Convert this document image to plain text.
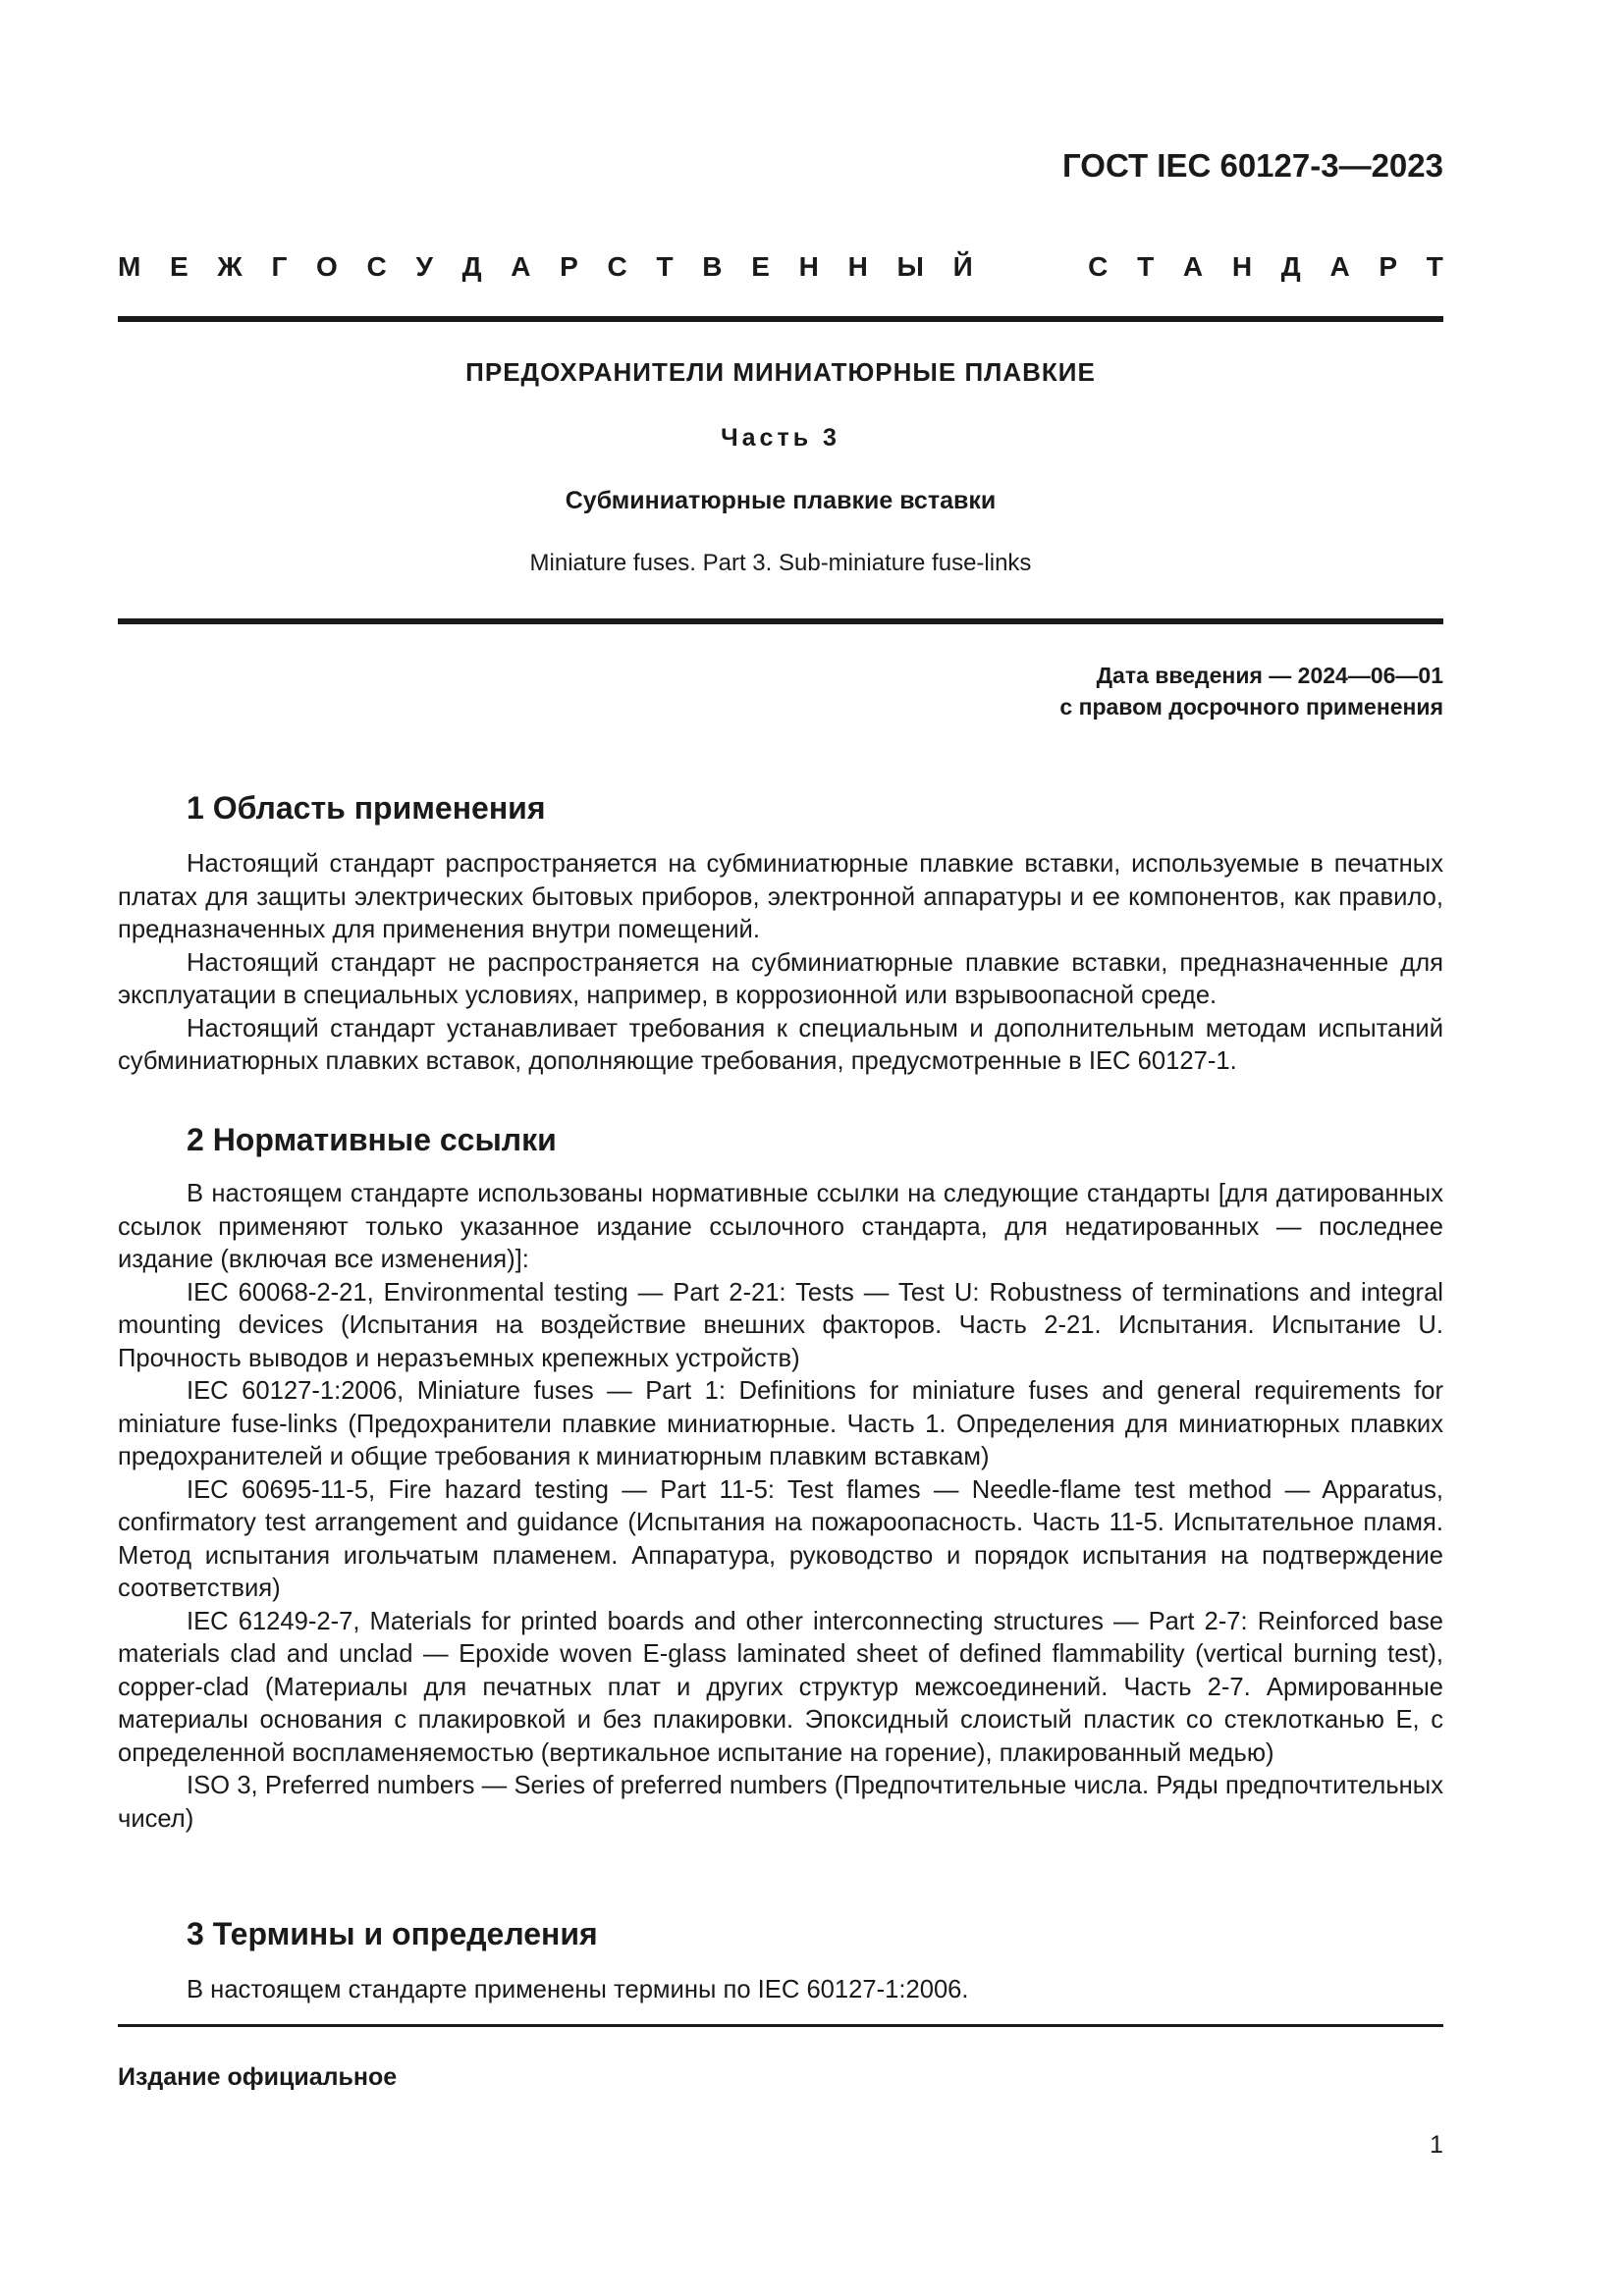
ГОСТ IEC 60127-3—2023
М Е Ж Г О С У Д А Р С Т В Е Н Н Ы Й	С Т А Н Д А Р Т
ПРЕДОХРАНИТЕЛИ МИНИАТЮРНЫЕ ПЛАВКИЕ
Часть 3
Субминиатюрные плавкие вставки
Miniature fuses. Part 3. Sub-miniature fuse-links
Дата введения — 2024—06—01
с правом досрочного применения
1 Область применения

Настоящий стандарт распространяется на субминиатюрные плавкие вставки, используемые в печатных платах для защиты электрических бытовых приборов, электронной аппаратуры и ее компонентов, как правило, предназначенных для применения внутри помещений.

Настоящий стандарт не распространяется на субминиатюрные плавкие вставки, предназначенные для эксплуатации в специальных условиях, например, в коррозионной или взрывоопасной среде.

Настоящий стандарт устанавливает требования к специальным и дополнительным методам испытаний субминиатюрных плавких вставок, дополняющие требования, предусмотренные в IEC 60127-1.

2 Нормативные ссылки

В настоящем стандарте использованы нормативные ссылки на следующие стандарты [для датированных ссылок применяют только указанное издание ссылочного стандарта, для недатированных — последнее издание (включая все изменения)]:

IEC 60068-2-21, Environmental testing — Part 2-21: Tests — Test U: Robustness of terminations and integral mounting devices (Испытания на воздействие внешних факторов. Часть 2-21. Испытания. Испытание U. Прочность выводов и неразъемных крепежных устройств)

IEC 60127-1:2006, Miniature fuses — Part 1: Definitions for miniature fuses and general requirements for miniature fuse-links (Предохранители плавкие миниатюрные. Часть 1. Определения для миниатюрных плавких предохранителей и общие требования к миниатюрным плавким вставкам)

IEC 60695-11-5, Fire hazard testing — Part 11-5: Test flames — Needle-flame test method — Apparatus, confirmatory test arrangement and guidance (Испытания на пожароопасность. Часть 11-5. Испытательное пламя. Метод испытания игольчатым пламенем. Аппаратура, руководство и порядок испытания на подтверждение соответствия)

IEC 61249-2-7, Materials for printed boards and other interconnecting structures — Part 2-7: Reinforced base materials clad and unclad — Epoxide woven E-glass laminated sheet of defined flammability (vertical burning test), copper-clad (Материалы для печатных плат и других структур межсоединений. Часть 2-7. Армированные материалы основания с плакировкой и без плакировки. Эпоксидный слоистый пластик со стеклотканью E, с определенной воспламеняемостью (вертикальное испытание на горение), плакированный медью)

ISO 3, Preferred numbers — Series of preferred numbers (Предпочтительные числа. Ряды предпочтительных чисел)

3 Термины и определения

В настоящем стандарте применены термины по IEC 60127-1:2006.

Издание официальное
1
